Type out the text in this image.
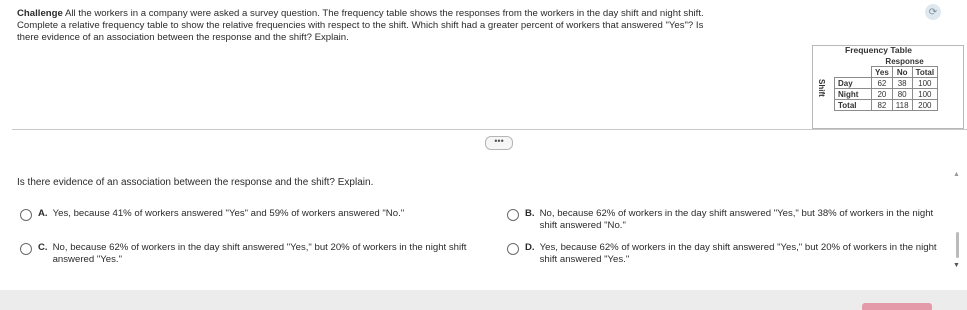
Challenge All the workers in a company were asked a survey question. The frequency table shows the responses from the workers in the day shift and night shift.
Complete a relative frequency table to show the relative frequencies with respect to the shift. Which shift had a greater percent of workers that answered "Yes"? Is
there evidence of an association between the response and the shift? Explain.
⟳
Frequency Table
Shift
	Response		
	Yes	No	Total
Day	62	38	100
Night	20	80	100
Total	82	118	200
•••
Is there evidence of an association between the response and the shift? Explain.
A. Yes, because 41% of workers answered "Yes" and 59% of workers answered "No."	B. No, because 62% of workers in the day shift answered "Yes," but 38% of workers in the night shift answered "No."
C. No, because 62% of workers in the day shift answered "Yes," but 20% of workers in the night shift answered "Yes."
D. Yes, because 62% of workers in the day shift answered "Yes," but 20% of workers in the night shift answered "Yes."
▲
▼
